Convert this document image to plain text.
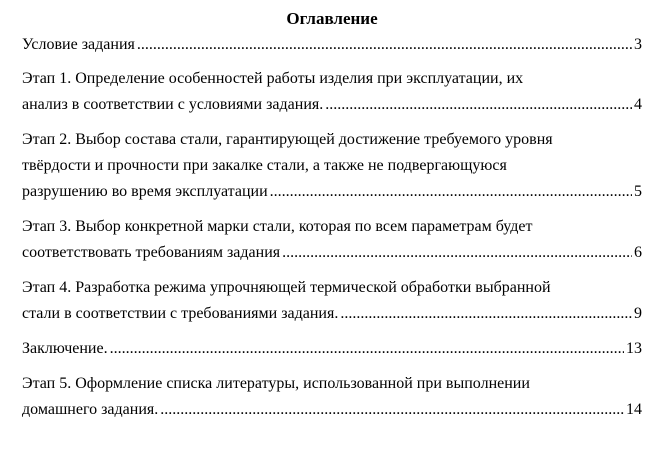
Оглавление
Условие задания .....	3
Этап 1. Определение особенностей работы изделия при эксплуатации, их
анализ в соответствии с условиями задания. .....	4
Этап 2. Выбор состава стали, гарантирующей достижение требуемого уровня
твёрдости и прочности при закалке стали, а также не подвергающуюся
разрушению во время эксплуатации .....	5
Этап 3. Выбор конкретной марки стали, которая по всем параметрам будет
соответствовать требованиям задания .....	6
Этап 4. Разработка режима упрочняющей термической обработки выбранной
стали в соответствии с требованиями задания. .....	9
Заключение. .....	13
Этап 5. Оформление списка литературы, использованной при выполнении
домашнего задания. .....	14
